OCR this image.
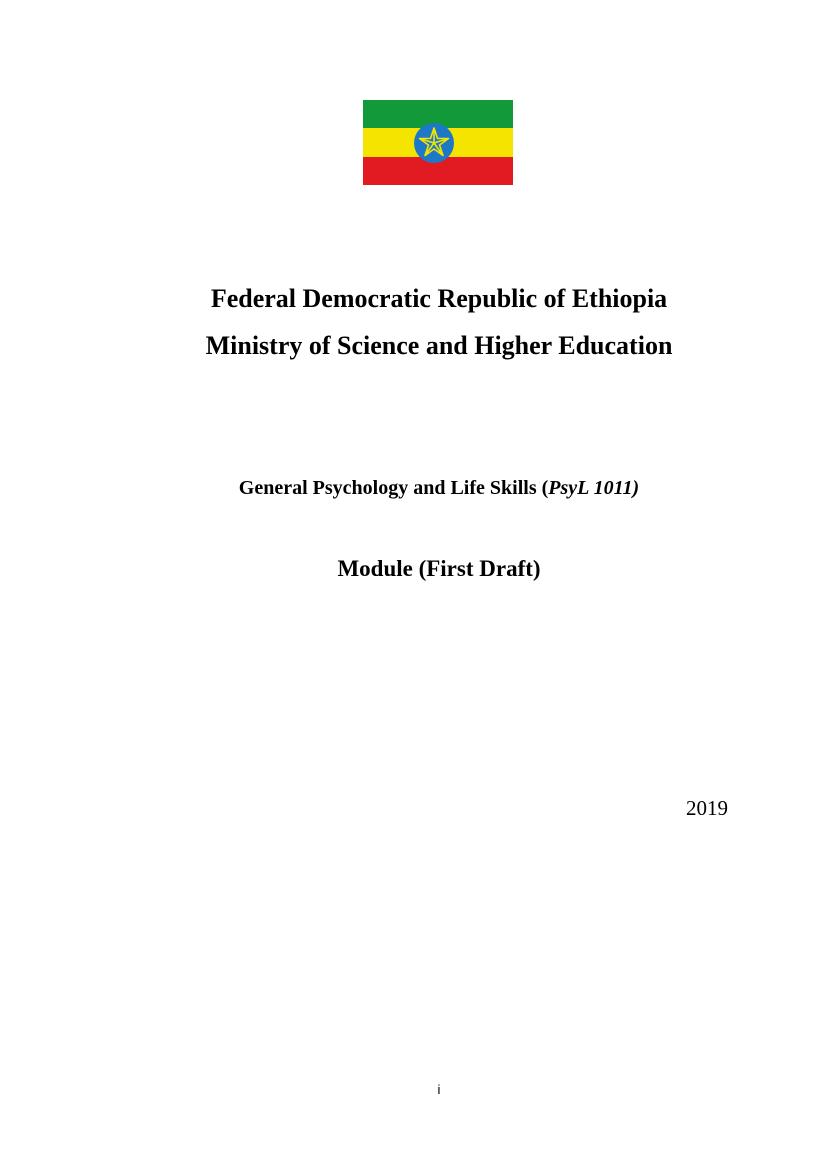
Federal Democratic Republic of Ethiopia
Ministry of Science and Higher Education
General Psychology and Life Skills (PsyL 1011)
Module (First Draft)
2019
i
